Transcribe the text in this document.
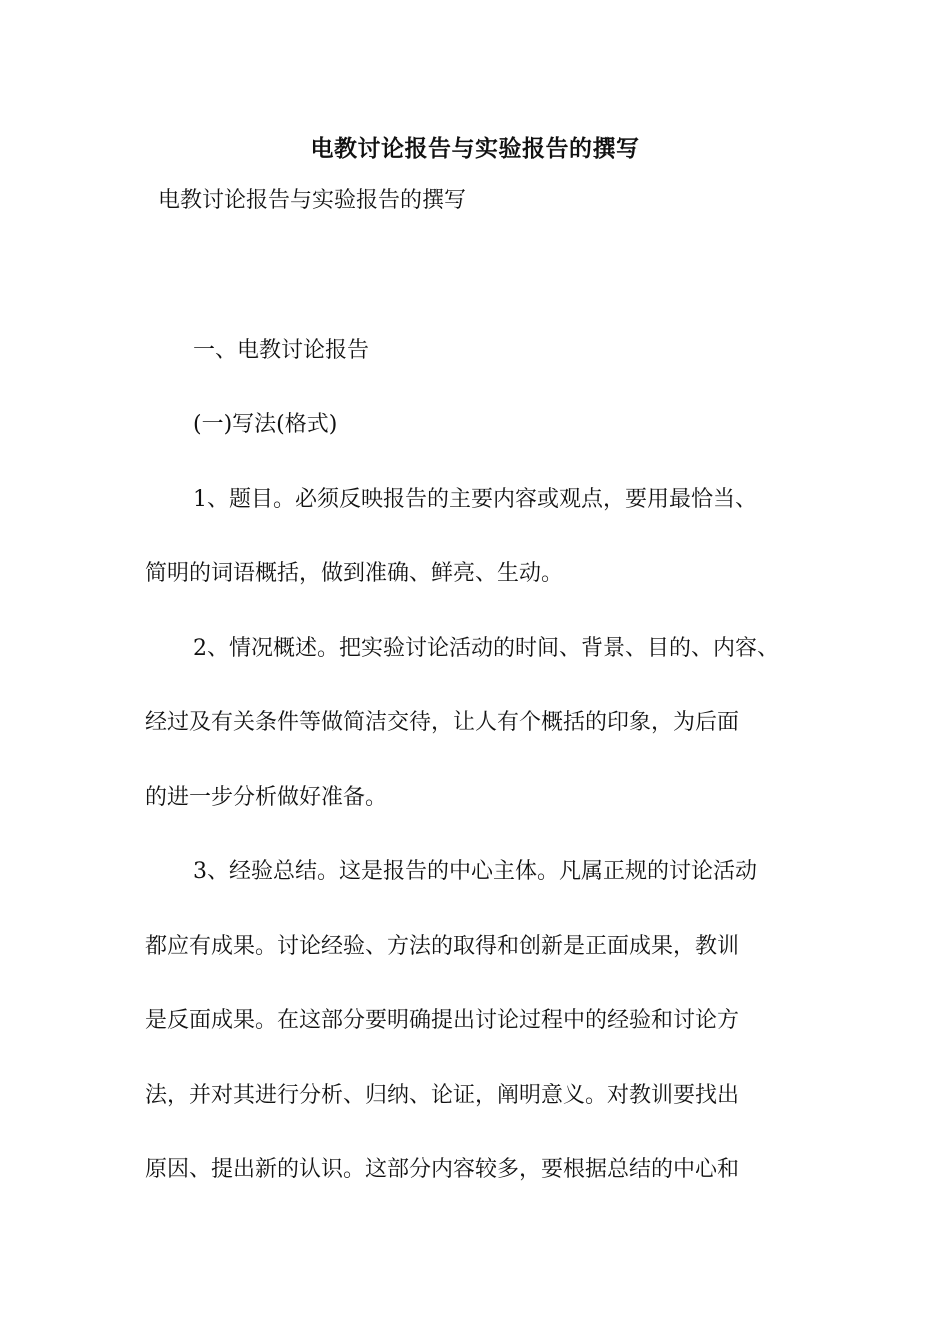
电教讨论报告与实验报告的撰写
电教讨论报告与实验报告的撰写
一、电教讨论报告
(一)写法(格式)
1、题目。必须反映报告的主要内容或观点，要用最恰当、
简明的词语概括，做到准确、鲜亮、生动。
2、情况概述。把实验讨论活动的时间、背景、目的、内容、
经过及有关条件等做简洁交待，让人有个概括的印象，为后面
的进一步分析做好准备。
3、经验总结。这是报告的中心主体。凡属正规的讨论活动
都应有成果。讨论经验、方法的取得和创新是正面成果，教训
是反面成果。在这部分要明确提出讨论过程中的经验和讨论方
法，并对其进行分析、归纳、论证，阐明意义。对教训要找出
原因、提出新的认识。这部分内容较多，要根据总结的中心和
